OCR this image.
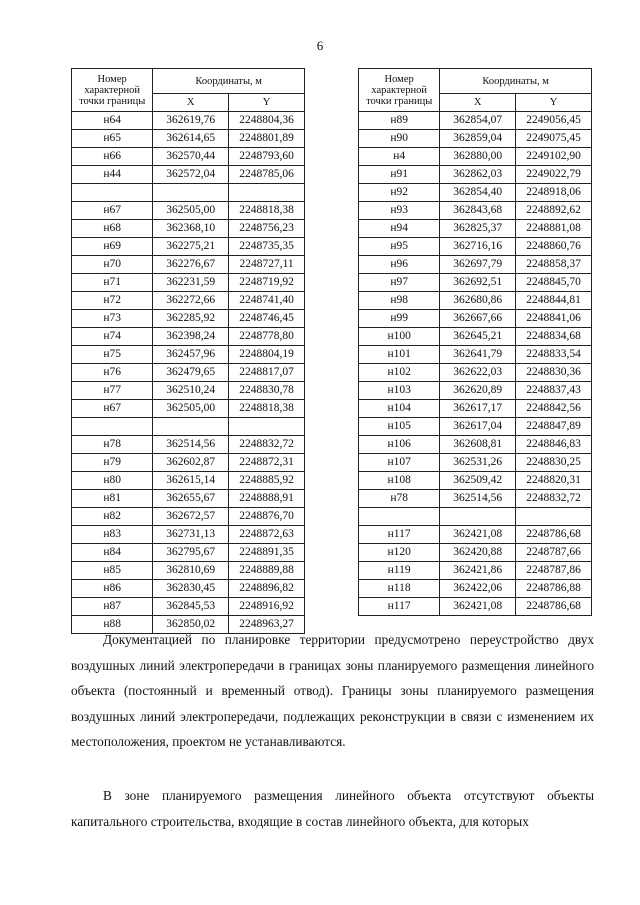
6
Номер характерной точки границы	Координаты, м	
	X	Y
н64	362619,76	2248804,36
н65	362614,65	2248801,89
н66	362570,44	2248793,60
н44	362572,04	2248785,06

н67	362505,00	2248818,38
н68	362368,10	2248756,23
н69	362275,21	2248735,35
н70	362276,67	2248727,11
н71	362231,59	2248719,92
н72	362272,66	2248741,40
н73	362285,92	2248746,45
н74	362398,24	2248778,80
н75	362457,96	2248804,19
н76	362479,65	2248817,07
н77	362510,24	2248830,78
н67	362505,00	2248818,38

н78	362514,56	2248832,72
н79	362602,87	2248872,31
н80	362615,14	2248885,92
н81	362655,67	2248888,91
н82	362672,57	2248876,70
н83	362731,13	2248872,63
н84	362795,67	2248891,35
н85	362810,69	2248889,88
н86	362830,45	2248896,82
н87	362845,53	2248916,92
н88	362850,02	2248963,27
Номер характерной точки границы	Координаты, м	
	X	Y
н89	362854,07	2249056,45
н90	362859,04	2249075,45
н4	362880,00	2249102,90
н91	362862,03	2249022,79
н92	362854,40	2248918,06
н93	362843,68	2248892,62
н94	362825,37	2248881,08
н95	362716,16	2248860,76
н96	362697,79	2248858,37
н97	362692,51	2248845,70
н98	362680,86	2248844,81
н99	362667,66	2248841,06
н100	362645,21	2248834,68
н101	362641,79	2248833,54
н102	362622,03	2248830,36
н103	362620,89	2248837,43
н104	362617,17	2248842,56
н105	362617,04	2248847,89
н106	362608,81	2248846,83
н107	362531,26	2248830,25
н108	362509,42	2248820,31
н78	362514,56	2248832,72

н117	362421,08	2248786,68
н120	362420,88	2248787,66
н119	362421,86	2248787,86
н118	362422,06	2248786,88
н117	362421,08	2248786,68

Документацией по планировке территории предусмотрено переустройство двух воздушных линий электропередачи в границах зоны планируемого размещения линейного объекта (постоянный и временный отвод). Границы зоны планируемого размещения воздушных линий электропередачи, подлежащих реконструкции в связи с изменением их местоположения, проектом не устанавливаются.

В зоне планируемого размещения линейного объекта отсутствуют объекты капитального строительства, входящие в состав линейного объекта, для которых
